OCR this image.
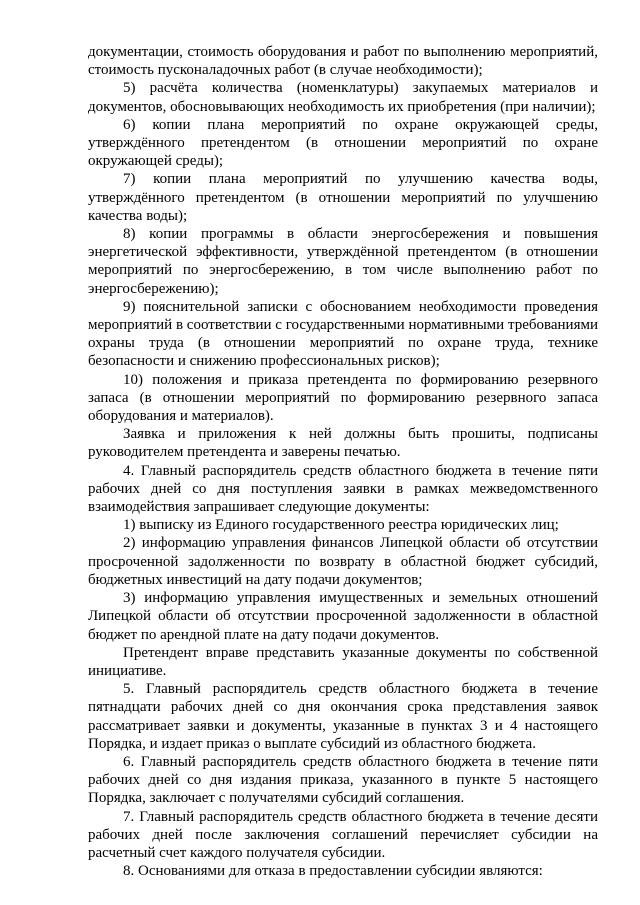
документации, стоимость оборудования и работ по выполнению мероприятий, стоимость пусконаладочных работ (в случае необходимости);

5) расчёта количества (номенклатуры) закупаемых материалов и документов, обосновывающих необходимость их приобретения (при наличии);

6) копии плана мероприятий по охране окружающей среды, утверждённого претендентом (в отношении мероприятий по охране окружающей среды);

7) копии плана мероприятий по улучшению качества воды, утверждённого претендентом (в отношении мероприятий по улучшению качества воды);

8) копии программы в области энергосбережения и повышения энергетической эффективности, утверждённой претендентом (в отношении мероприятий по энергосбережению, в том числе выполнению работ по энергосбережению);

9) пояснительной записки с обоснованием необходимости проведения мероприятий в соответствии с государственными нормативными требованиями охраны труда (в отношении мероприятий по охране труда, технике безопасности и снижению профессиональных рисков);

10) положения и приказа претендента по формированию резервного запаса (в отношении мероприятий по формированию резервного запаса оборудования и материалов).

Заявка и приложения к ней должны быть прошиты, подписаны руководителем претендента и заверены печатью.

4. Главный распорядитель средств областного бюджета в течение пяти рабочих дней со дня поступления заявки в рамках межведомственного взаимодействия запрашивает следующие документы:

1) выписку из Единого государственного реестра юридических лиц;

2) информацию управления финансов Липецкой области об отсутствии просроченной задолженности по возврату в областной бюджет субсидий, бюджетных инвестиций на дату подачи документов;

3) информацию управления имущественных и земельных отношений Липецкой области об отсутствии просроченной задолженности в областной бюджет по арендной плате на дату подачи документов.

Претендент вправе представить указанные документы по собственной инициативе.

5. Главный распорядитель средств областного бюджета в течение пятнадцати рабочих дней со дня окончания срока представления заявок рассматривает заявки и документы, указанные в пунктах 3 и 4 настоящего Порядка, и издает приказ о выплате субсидий из областного бюджета.

6. Главный распорядитель средств областного бюджета в течение пяти рабочих дней со дня издания приказа, указанного в пункте 5 настоящего Порядка, заключает с получателями субсидий соглашения.

7. Главный распорядитель средств областного бюджета в течение десяти рабочих дней после заключения соглашений перечисляет субсидии на расчетный счет каждого получателя субсидии.

8. Основаниями для отказа в предоставлении субсидии являются:
